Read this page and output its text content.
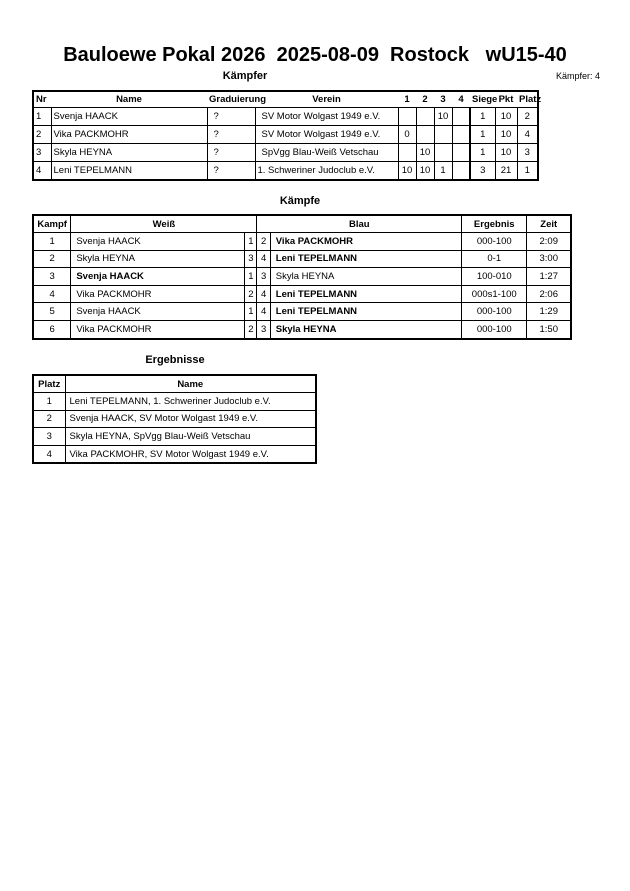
Bauloewe Pokal 2026  2025-08-09  Rostock   wU15-40
Kämpfer	Kämpfer: 4
Nr	Name	Graduierung	Verein	1	2	3	4	Siege	Pkt	Platz
1	Svenja HAACK	?	SV Motor Wolgast 1949 e.V.			10		1	10	2
2	Vika PACKMOHR	?	SV Motor Wolgast 1949 e.V.	0				1	10	4
3	Skyla HEYNA	?	SpVgg Blau-Weiß Vetschau		10			1	10	3
4	Leni TEPELMANN	?	1. Schweriner Judoclub e.V.	10	10	1		3	21	1
Kämpfe
Kampf	Weiß		Blau		Ergebnis	Zeit
1	Svenja HAACK	1	2	Vika PACKMOHR	000-100	2:09
2	Skyla HEYNA	3	4	Leni TEPELMANN	0-1	3:00
3	Svenja HAACK	1	3	Skyla HEYNA	100-010	1:27
4	Vika PACKMOHR	2	4	Leni TEPELMANN	000s1-100	2:06
5	Svenja HAACK	1	4	Leni TEPELMANN	000-100	1:29
6	Vika PACKMOHR	2	3	Skyla HEYNA	000-100	1:50
Ergebnisse
Platz	Name
1	Leni TEPELMANN, 1. Schweriner Judoclub e.V.
2	Svenja HAACK, SV Motor Wolgast 1949 e.V.
3	Skyla HEYNA, SpVgg Blau-Weiß Vetschau
4	Vika PACKMOHR, SV Motor Wolgast 1949 e.V.
